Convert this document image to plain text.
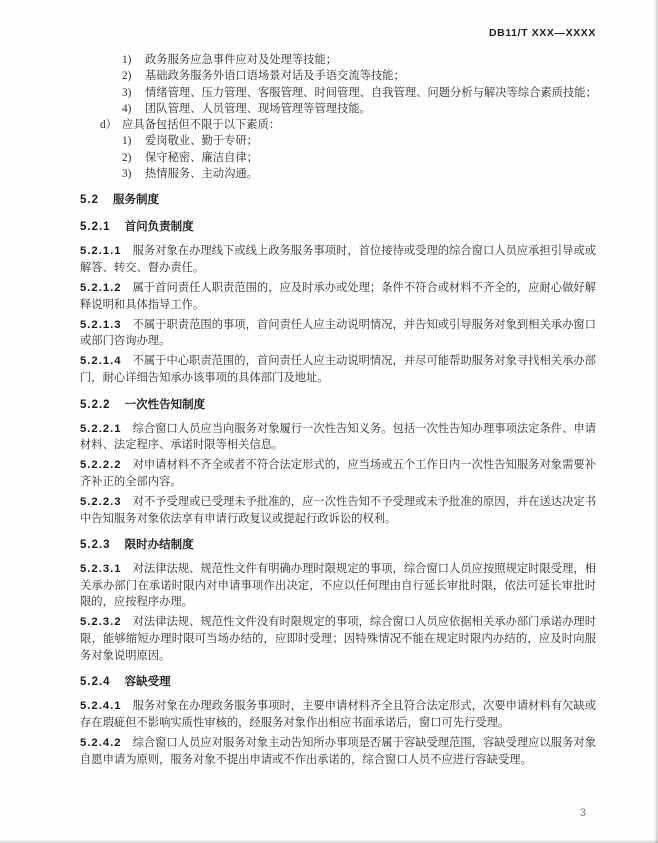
DB11/T XXX—XXXX
1) 政务服务应急事件应对及处理等技能；
2) 基础政务服务外语口语场景对话及手语交流等技能；
3) 情绪管理、压力管理、客服管理、时间管理、自我管理、问题分析与解决等综合素质技能；
4) 团队管理、人员管理、现场管理等管理技能。
d） 应具备包括但不限于以下素质：
1) 爱岗敬业、勤于专研；
2) 保守秘密、廉洁自律；
3) 热情服务、主动沟通。
5.2 服务制度
5.2.1 首问负责制度

5.2.1.1 服务对象在办理线下或线上政务服务事项时，首位接待或受理的综合窗口人员应承担引导或或解答、转交、督办责任。

5.2.1.2 属于首问责任人职责范围的，应及时承办或处理；条件不符合或材料不齐全的，应耐心做好解释说明和具体指导工作。

5.2.1.3 不属于职责范围的事项，首问责任人应主动说明情况，并告知或引导服务对象到相关承办窗口或部门咨询办理。

5.2.1.4 不属于中心职责范围的，首问责任人应主动说明情况，并尽可能帮助服务对象寻找相关承办部门，耐心详细告知承办该事项的具体部门及地址。

5.2.2 一次性告知制度

5.2.2.1 综合窗口人员应当向服务对象履行一次性告知义务。包括一次性告知办理事项法定条件、申请材料、法定程序、承诺时限等相关信息。

5.2.2.2 对申请材料不齐全或者不符合法定形式的，应当场或五个工作日内一次性告知服务对象需要补齐补正的全部内容。

5.2.2.3 对不予受理或已受理未予批准的，应一次性告知不予受理或未予批准的原因，并在送达决定书中告知服务对象依法享有申请行政复议或提起行政诉讼的权利。

5.2.3 限时办结制度

5.2.3.1 对法律法规、规范性文件有明确办理时限规定的事项，综合窗口人员应按照规定时限受理，相关承办部门在承诺时限内对申请事项作出决定，不应以任何理由自行延长审批时限，依法可延长审批时限的，应按程序办理。

5.2.3.2 对法律法规、规范性文件没有时限规定的事项，综合窗口人员应依据相关承办部门承诺办理时限，能够缩短办理时限可当场办结的，应即时受理；因特殊情况不能在规定时限内办结的，应及时向服务对象说明原因。

5.2.4 容缺受理

5.2.4.1 服务对象在办理政务服务事项时，主要申请材料齐全且符合法定形式，次要申请材料有欠缺或存在瑕疵但不影响实质性审核的，经服务对象作出相应书面承诺后，窗口可先行受理。

5.2.4.2 综合窗口人员应对服务对象主动告知所办事项是否属于容缺受理范围，容缺受理应以服务对象自愿申请为原则，服务对象不提出申请或不作出承诺的，综合窗口人员不应进行容缺受理。

3
